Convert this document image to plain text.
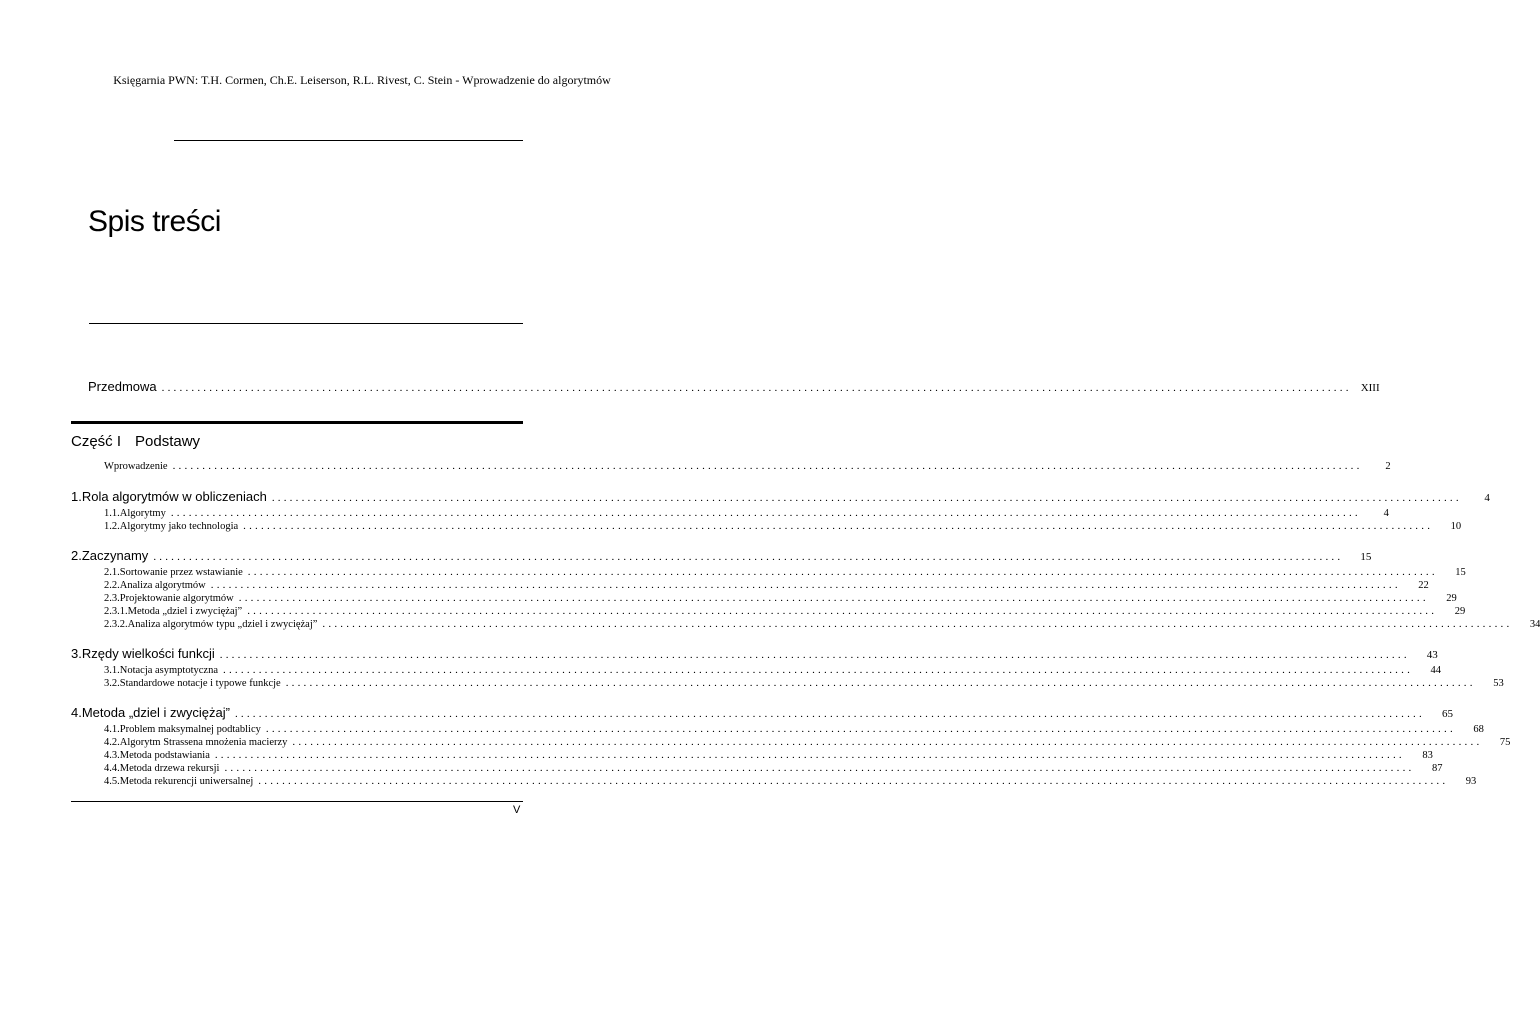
Księgarnia PWN: T.H. Cormen, Ch.E. Leiserson, R.L. Rivest, C. Stein - Wprowadzenie do algorytmów
Spis treści
Przedmowa ........................................................................................................................................................................................................ XIII
Część I Podstawy
Wprowadzenie ........................................................................................................................................................................................................	2
1. Rola algorytmów w obliczeniach ........................................................................................................................................................................................................	4
1.1. Algorytmy ........................................................................................................................................................................................................	4
1.2. Algorytmy jako technologia ........................................................................................................................................................................................................	10
2. Zaczynamy ........................................................................................................................................................................................................	15
2.1. Sortowanie przez wstawianie ........................................................................................................................................................................................................	15
2.2. Analiza algorytmów ........................................................................................................................................................................................................	22
2.3. Projektowanie algorytmów ........................................................................................................................................................................................................	29
2.3.1. Metoda „dziel i zwyciężaj” ........................................................................................................................................................................................................	29
2.3.2. Analiza algorytmów typu „dziel i zwyciężaj” ........................................................................................................................................................................................................	34
3. Rzędy wielkości funkcji ........................................................................................................................................................................................................	43
3.1. Notacja asymptotyczna ........................................................................................................................................................................................................	44
3.2. Standardowe notacje i typowe funkcje ........................................................................................................................................................................................................	53
4. Metoda „dziel i zwyciężaj” ........................................................................................................................................................................................................	65
4.1. Problem maksymalnej podtablicy ........................................................................................................................................................................................................	68
4.2. Algorytm Strassena mnożenia macierzy ........................................................................................................................................................................................................	75
4.3. Metoda podstawiania ........................................................................................................................................................................................................	83
4.4. Metoda drzewa rekursji ........................................................................................................................................................................................................	87
4.5. Metoda rekurencji uniwersalnej ........................................................................................................................................................................................................	93
V
